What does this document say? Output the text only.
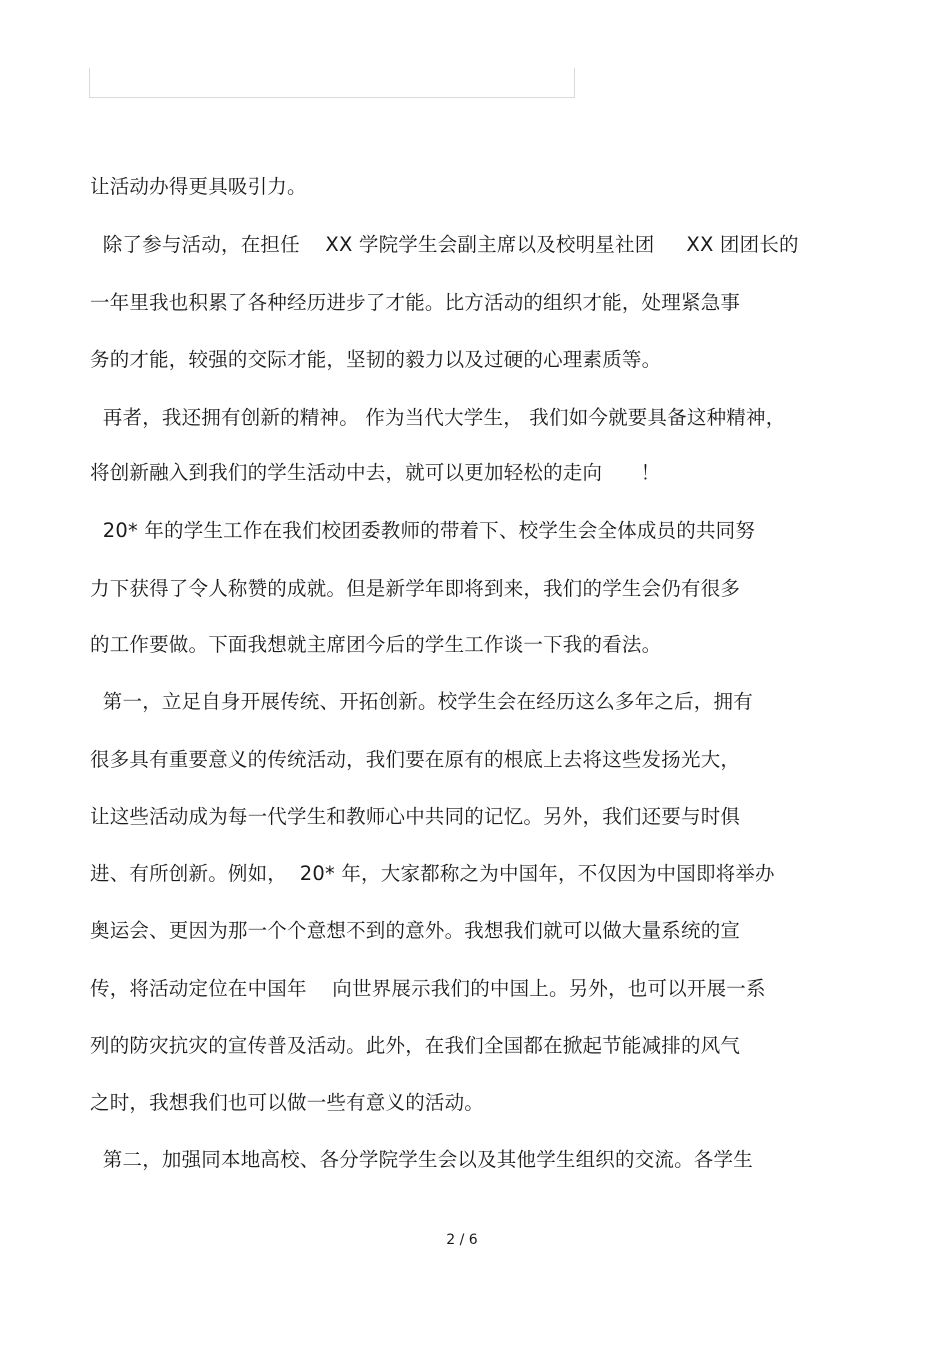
让活动办得更具吸引力。
除了参与活动，在担任    XX 学院学生会副主席以及校明星社团     XX 团团长的
一年里我也积累了各种经历进步了才能。比方活动的组织才能，处理紧急事
务的才能，较强的交际才能，坚韧的毅力以及过硬的心理素质等。
再者，我还拥有创新的精神。 作为当代大学生， 我们如今就要具备这种精神，
将创新融入到我们的学生活动中去，就可以更加轻松的走向      ！
20* 年的学生工作在我们校团委教师的带着下、校学生会全体成员的共同努
力下获得了令人称赞的成就。但是新学年即将到来，我们的学生会仍有很多
的工作要做。下面我想就主席团今后的学生工作谈一下我的看法。
第一，立足自身开展传统、开拓创新。校学生会在经历这么多年之后，拥有
很多具有重要意义的传统活动，我们要在原有的根底上去将这些发扬光大，
让这些活动成为每一代学生和教师心中共同的记忆。另外，我们还要与时俱
进、有所创新。例如，  20* 年，大家都称之为中国年，不仅因为中国即将举办
奥运会、更因为那一个个意想不到的意外。我想我们就可以做大量系统的宣
传，将活动定位在中国年    向世界展示我们的中国上。另外，也可以开展一系
列的防灾抗灾的宣传普及活动。此外，在我们全国都在掀起节能减排的风气
之时，我想我们也可以做一些有意义的活动。
第二，加强同本地高校、各分学院学生会以及其他学生组织的交流。各学生
2 / 6
